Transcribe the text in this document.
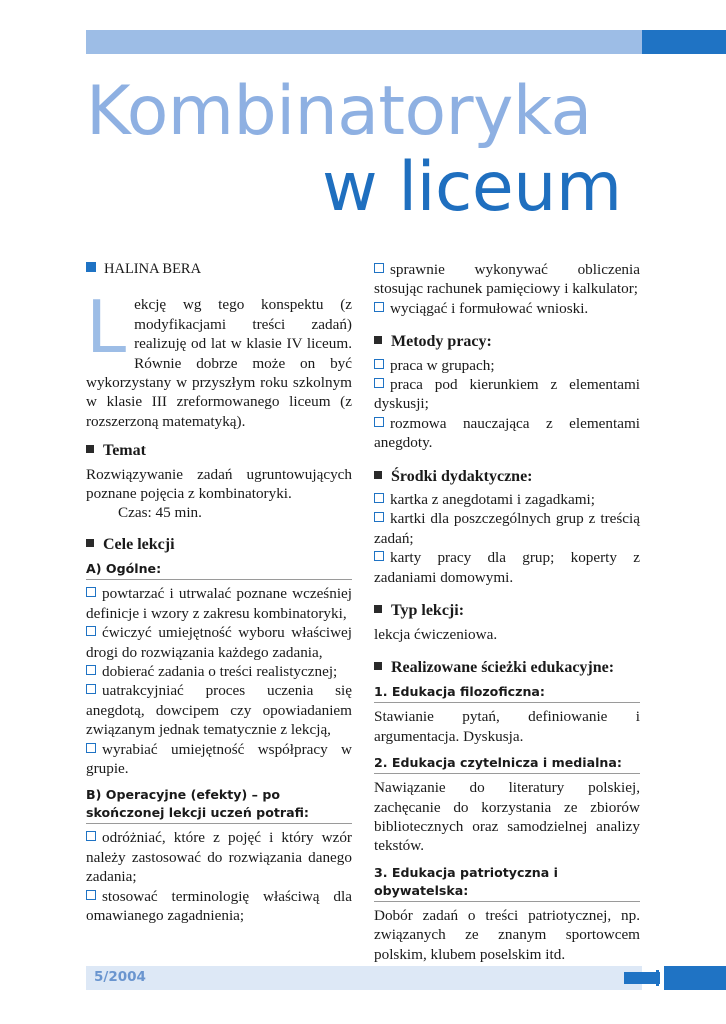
Kombinatoryka
w liceum
HALINA BERA

Lekcję wg tego konspektu (z modyfikacjami treści zadań) realizuję od lat w klasie IV liceum. Równie dobrze może on być wykorzystany w przyszłym roku szkolnym w klasie III zreformowanego liceum (z rozszerzoną matematyką).

Temat

Rozwiązywanie zadań ugruntowujących poznane pojęcia z kombinatoryki.

Czas: 45 min.

Cele lekcji
A) Ogólne:

powtarzać i utrwalać poznane wcześniej definicje i wzory z zakresu kombinatoryki,

ćwiczyć umiejętność wyboru właściwej drogi do rozwiązania każdego zadania,

dobierać zadania o treści realistycznej;

uatrakcyjniać proces uczenia się anegdotą, dowcipem czy opowiadaniem związanym jednak tematycznie z lekcją,

wyrabiać umiejętność współpracy w grupie.

B) Operacyjne (efekty) – po skończonej lekcji uczeń potrafi:

odróżniać, które z pojęć i który wzór należy zastosować do rozwiązania danego zadania;

stosować terminologię właściwą dla omawianego zagadnienia;

sprawnie wykonywać obliczenia stosując rachunek pamięciowy i kalkulator;

wyciągać i formułować wnioski.

Metody pracy:

praca w grupach;

praca pod kierunkiem z elementami dyskusji;

rozmowa nauczająca z elementami anegdoty.

Środki dydaktyczne:

kartka z anegdotami i zagadkami;

kartki dla poszczególnych grup z treścią zadań;

karty pracy dla grup; koperty z zadaniami domowymi.

Typ lekcji:

lekcja ćwiczeniowa.

Realizowane ścieżki edukacyjne:
1. Edukacja filozoficzna:

Stawianie pytań, definiowanie i argumentacja. Dyskusja.

2. Edukacja czytelnicza i medialna:

Nawiązanie do literatury polskiej, zachęcanie do korzystania ze zbiorów bibliotecznych oraz samodzielnej analizy tekstów.

3. Edukacja patriotyczna i obywatelska:

Dobór zadań o treści patriotycznej, np. związanych ze znanym sportowcem polskim, klubem poselskim itd.

5/2004
